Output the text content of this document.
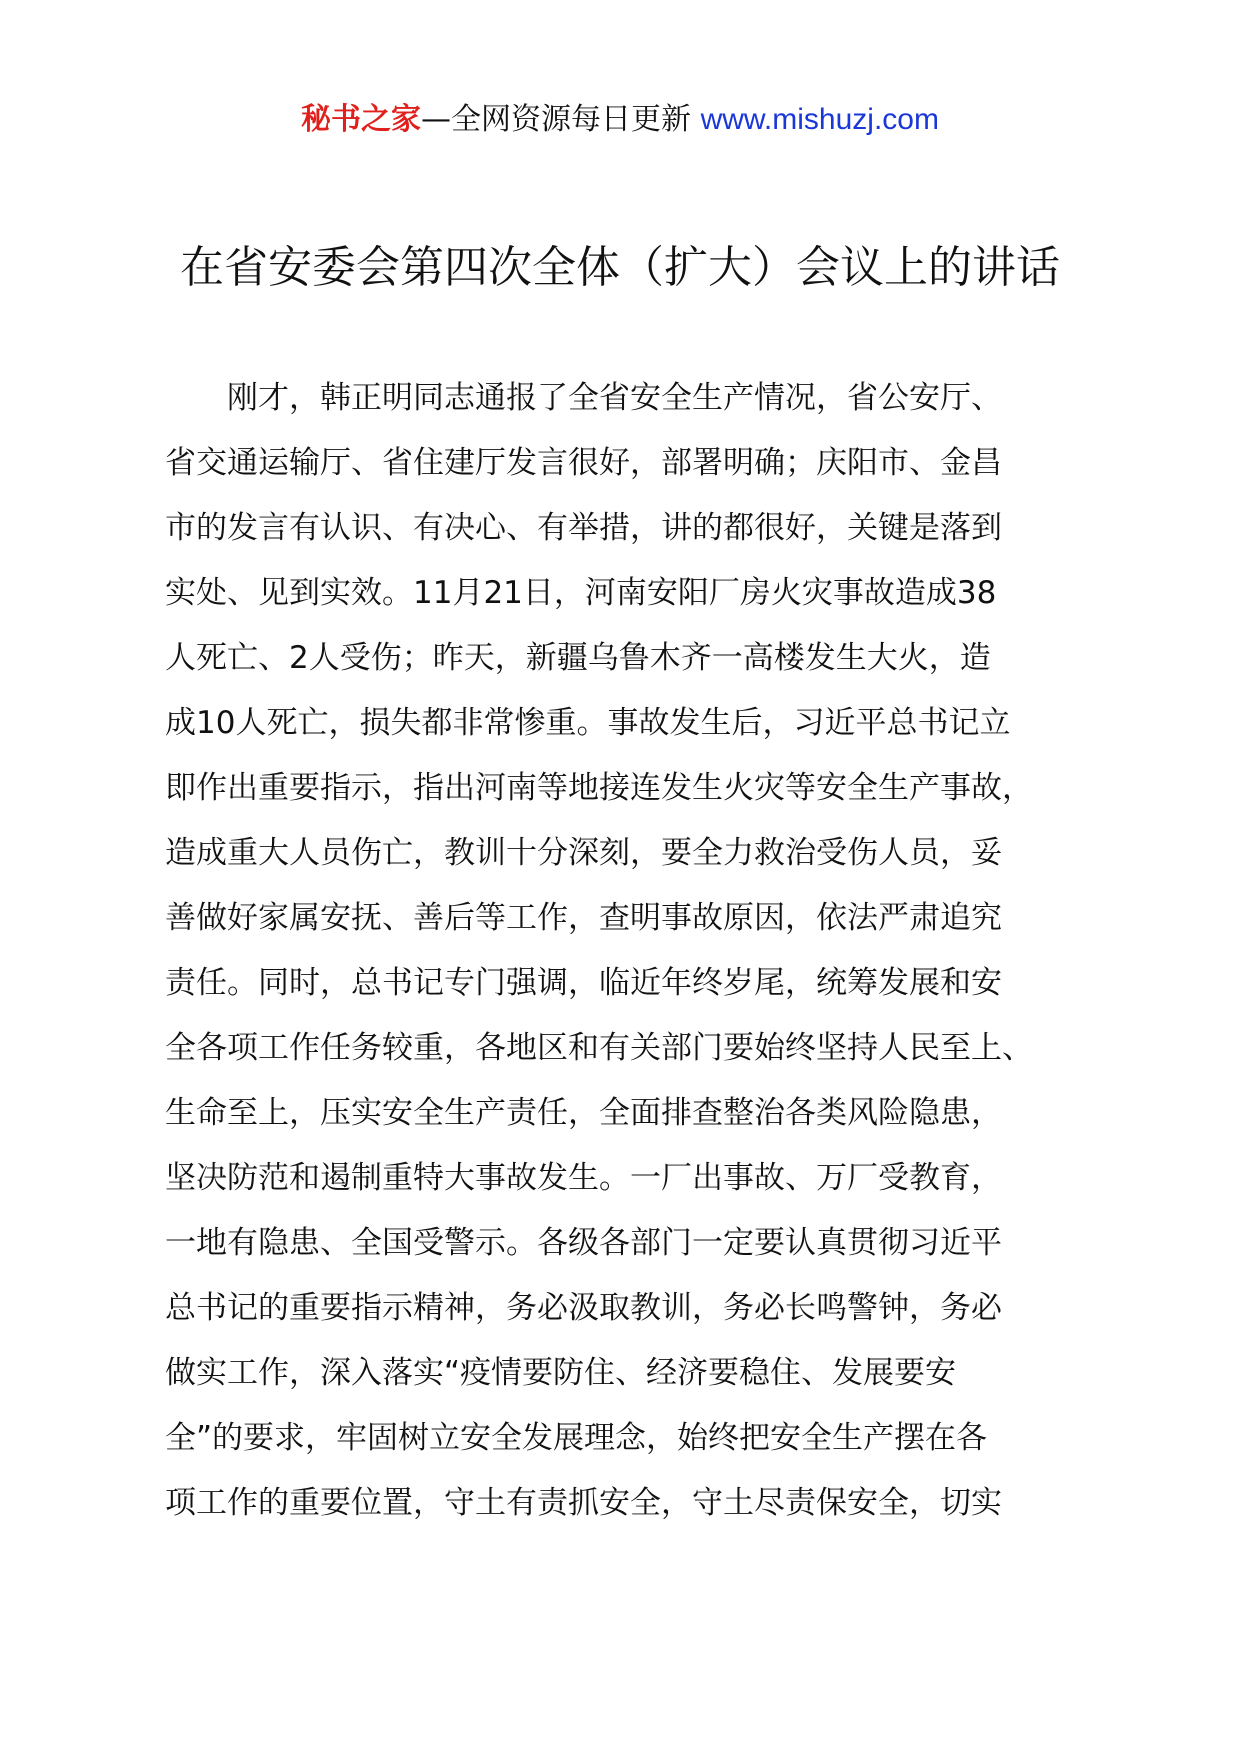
秘书之家—全网资源每日更新 www.mishuzj.com
在省安委会第四次全体（扩大）会议上的讲话
刚才，韩正明同志通报了全省安全生产情况，省公安厅、
省交通运输厅、省住建厅发言很好，部署明确；庆阳市、金昌
市的发言有认识、有决心、有举措，讲的都很好，关键是落到
实处、见到实效。11月21日，河南安阳厂房火灾事故造成38
人死亡、2人受伤；昨天，新疆乌鲁木齐一高楼发生大火，造
成10人死亡，损失都非常惨重。事故发生后，习近平总书记立
即作出重要指示，指出河南等地接连发生火灾等安全生产事故，
造成重大人员伤亡，教训十分深刻，要全力救治受伤人员，妥
善做好家属安抚、善后等工作，查明事故原因，依法严肃追究
责任。同时，总书记专门强调，临近年终岁尾，统筹发展和安
全各项工作任务较重，各地区和有关部门要始终坚持人民至上、
生命至上，压实安全生产责任，全面排查整治各类风险隐患，
坚决防范和遏制重特大事故发生。一厂出事故、万厂受教育，
一地有隐患、全国受警示。各级各部门一定要认真贯彻习近平
总书记的重要指示精神，务必汲取教训，务必长鸣警钟，务必
做实工作，深入落实“疫情要防住、经济要稳住、发展要安
全”的要求，牢固树立安全发展理念，始终把安全生产摆在各
项工作的重要位置，守土有责抓安全，守土尽责保安全，切实
